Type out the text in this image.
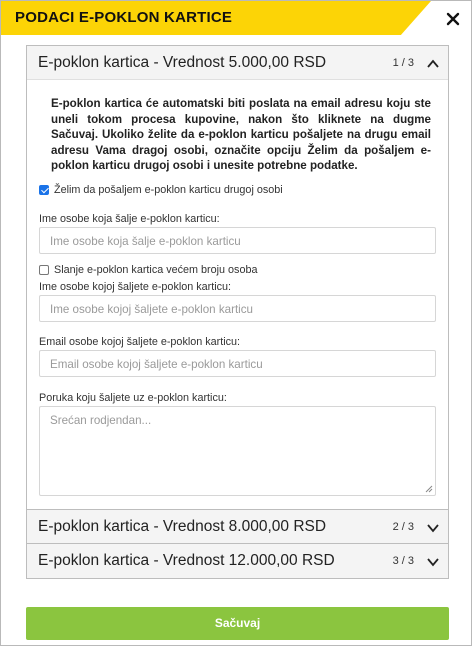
PODACI E-POKLON KARTICE
E-poklon kartica - Vrednost 5.000,00 RSD	1 / 3

E-poklon kartica će automatski biti poslata na email adresu koju ste uneli tokom procesa kupovine, nakon što kliknete na dugme Sačuvaj. Ukoliko želite da e-poklon karticu pošaljete na drugu email adresu Vama dragoj osobi, označite opciju Želim da pošaljem e-poklon karticu drugoj osobi i unesite potrebne podatke.

Želim da pošaljem e-poklon karticu drugoj osobi
Ime osobe koja šalje e-poklon karticu:
Ime osobe koja šalje e-poklon karticu
Slanje e-poklon kartica većem broju osoba
Ime osobe kojoj šaljete e-poklon karticu:
Ime osobe kojoj šaljete e-poklon karticu
Email osobe kojoj šaljete e-poklon karticu:
Email osobe kojoj šaljete e-poklon karticu
Poruka koju šaljete uz e-poklon karticu:
Srećan rodjendan...
E-poklon kartica - Vrednost 8.000,00 RSD	2 / 3
E-poklon kartica - Vrednost 12.000,00 RSD	3 / 3
Sačuvaj
